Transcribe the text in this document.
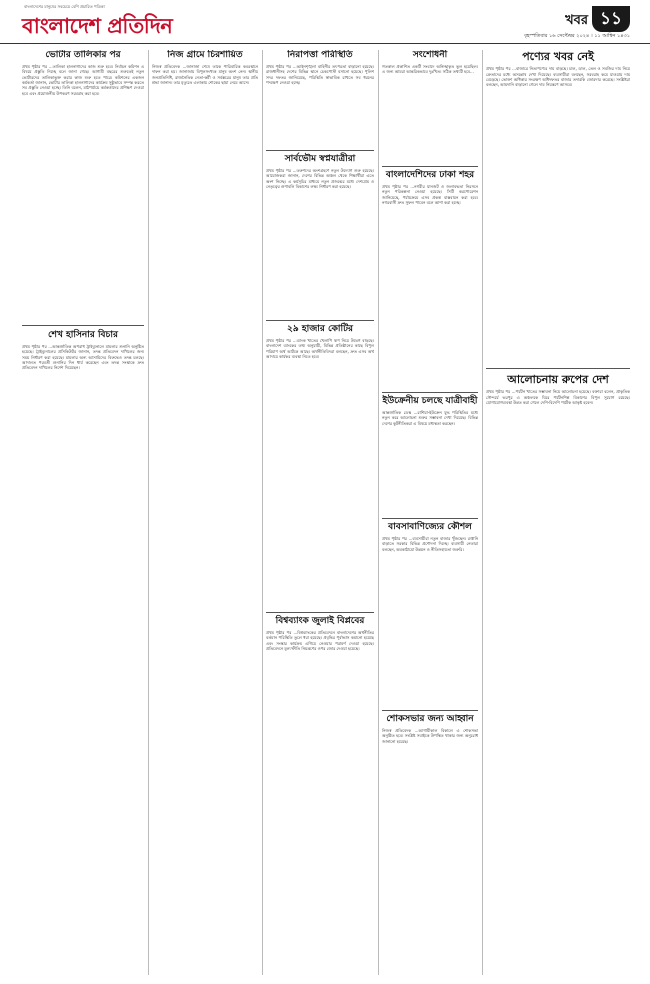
বাংলাদেশের মানুষের সবচেয়ে বেশি প্রচারিত পত্রিকা
বাংলাদেশ প্রতিদিন	খবর ১১
বৃহস্পতিবার ১৬ সেপ্টেম্বর ২০২৪ । ১১ আশ্বিন ১৪৩১
ভোটার তালিকার পর

প্রথম পৃষ্ঠার পর ...তালিকা হালনাগাদের কাজ শুরু হবে। নির্বাচন কমিশন এ বিষয়ে প্রস্তুতি নিচ্ছে বলে জানা গেছে। আগামী বছরের শুরুতেই নতুন ভোটারদের তালিকাভুক্ত করার কাজ শুরু হতে পারে। কমিশনের একজন কর্মকর্তা জানান, ভোটার তালিকা হালনাগাদের কার্যক্রম সুষ্ঠুভাবে সম্পন্ন করতে সব প্রস্তুতি নেওয়া হচ্ছে। তিনি বলেন, মাঠপর্যায়ে কর্মকর্তাদের প্রশিক্ষণ দেওয়া হবে এবং প্রয়োজনীয় উপকরণ সরবরাহ করা হবে।

শেখ হাসিনার বিচার

প্রথম পৃষ্ঠার পর ...আন্তর্জাতিক অপরাধ ট্রাইব্যুনালে মামলার শুনানি অনুষ্ঠিত হয়েছে। ট্রাইব্যুনালের প্রসিকিউটর জানান, তদন্ত প্রতিবেদন দাখিলের জন্য সময় নির্ধারণ করা হয়েছে। মামলার অন্য আসামিদের বিরুদ্ধেও তদন্ত চলছে। আদালত পরবর্তী শুনানির দিন ধার্য করেছেন এবং তদন্ত সংস্থাকে দ্রুত প্রতিবেদন দাখিলের নির্দেশ দিয়েছেন।

নিজ গ্রামে চিরশায়িত

নিজস্ব প্রতিবেদক ...জানাজা শেষে তাকে পারিবারিক কবরস্থানে দাফন করা হয়। জানাজায় বিপুলসংখ্যক মানুষ অংশ নেন। স্থানীয় জনপ্রতিনিধি, রাজনৈতিক নেতা-কর্মী ও সর্বস্তরের মানুষ তার প্রতি শ্রদ্ধা জানান। তার মৃত্যুতে এলাকায় শোকের ছায়া নেমে আসে।

নিরাপত্তা পরিস্থিতি

প্রথম পৃষ্ঠার পর ...আইনশৃঙ্খলা বাহিনীর তৎপরতা বাড়ানো হয়েছে। রাজধানীসহ দেশের বিভিন্ন স্থানে চেকপোস্ট বসানো হয়েছে। পুলিশ সদর দফতর জানিয়েছে, পরিস্থিতি স্বাভাবিক রাখতে সব ধরনের পদক্ষেপ নেওয়া হচ্ছে।

সার্বভৌম স্বপ্নযাত্রীরা

প্রথম পৃষ্ঠার পর ...তরুণদের অংশগ্রহণে নতুন উদ্যোগ শুরু হয়েছে। আয়োজকরা জানান, দেশের বিভিন্ন অঞ্চল থেকে শিক্ষার্থীরা এতে অংশ নিচ্ছে। এ কর্মসূচির মাধ্যমে নতুন প্রজন্মের মধ্যে দেশপ্রেম ও নেতৃত্বের গুণাবলি বিকাশের লক্ষ্য নির্ধারণ করা হয়েছে।

২৯ হাজার কোটির

প্রথম পৃষ্ঠার পর ...ব্যাংক খাতের খেলাপি ঋণ নিয়ে উদ্বেগ বাড়ছে। বাংলাদেশ ব্যাংকের তথ্য অনুযায়ী, বিভিন্ন প্রতিষ্ঠানের কাছে বিপুল পরিমাণ অর্থ আটকে আছে। অর্থনীতিবিদরা বলছেন, দ্রুত এসব অর্থ আদায়ে কার্যকর ব্যবস্থা নিতে হবে।

বিশ্বব্যাংক জুলাই বিপ্লবের

প্রথম পৃষ্ঠার পর ...বিশ্বব্যাংকের প্রতিবেদনে বাংলাদেশের অর্থনীতির বর্তমান পরিস্থিতি তুলে ধরা হয়েছে। প্রবৃদ্ধির পূর্বাভাস কমানো হয়েছে এবং সংস্কার কার্যক্রম এগিয়ে নেওয়ার পরামর্শ দেওয়া হয়েছে। প্রতিবেদনে মূল্যস্ফীতি নিয়ন্ত্রণের ওপর জোর দেওয়া হয়েছে।

সংশোধনী

গতকাল প্রকাশিত একটি সংবাদে অনিচ্ছাকৃত ভুল হয়েছিল। এ জন্য আমরা আন্তরিকভাবে দুঃখিত। সঠিক তথ্যটি হবে...

বাংলাদেশিদের ঢাকা শহর

প্রথম পৃষ্ঠার পর ...নগরীর যানজট ও জলাবদ্ধতা নিরসনে নতুন পরিকল্পনা নেওয়া হয়েছে। সিটি করপোরেশন জানিয়েছে, পর্যায়ক্রমে এসব প্রকল্প বাস্তবায়ন করা হবে। নগরবাসী দ্রুত সুফল পাবেন বলে আশা করা হচ্ছে।

ইউক্রেনীয় চলছে যাত্রীবাহী

আন্তর্জাতিক ডেস্ক ...রাশিয়া-ইউক্রেন যুদ্ধ পরিস্থিতির মধ্যে নতুন করে আলোচনা শুরুর সম্ভাবনা দেখা দিয়েছে। বিভিন্ন দেশের কূটনীতিকরা এ বিষয়ে মধ্যস্থতা করছেন।

বাবসাবাণিজ্যের কৌশল

প্রথম পৃষ্ঠার পর ...ব্যবসায়ীরা নতুন বাজার খুঁজছেন। রপ্তানি বাড়াতে সরকার বিভিন্ন প্রণোদনা দিচ্ছে। ব্যবসায়ী নেতারা বলছেন, অবকাঠামো উন্নয়ন ও নীতিসহায়তা জরুরি।

শোকসভার জন্য আহ্বান

নিজস্ব প্রতিবেদক ...আগামীকাল বিকালে এ শোকসভা অনুষ্ঠিত হবে। সংশ্লিষ্ট সবাইকে উপস্থিত থাকার জন্য অনুরোধ জানানো হয়েছে।

পণ্যের খবর নেই

প্রথম পৃষ্ঠার পর ...বাজারে নিত্যপণ্যের দাম বাড়ছে। চাল, ডাল, তেল ও সবজির দাম নিয়ে ক্রেতাদের মধ্যে অসন্তোষ দেখা দিয়েছে। ব্যবসায়ীরা বলছেন, সরবরাহ কমে যাওয়ায় দাম বেড়েছে। ভোক্তা অধিকার সংরক্ষণ অধিদফতর বাজার তদারকি জোরদার করেছে। সংশ্লিষ্টরা বলছেন, আমদানি বাড়ানো গেলে দাম নিয়ন্ত্রণে আসবে।

আলোচনায় রুপের দেশ

প্রথম পৃষ্ঠার পর ...পর্যটন খাতের সম্ভাবনা নিয়ে আলোচনা হয়েছে। বক্তারা বলেন, প্রাকৃতিক সৌন্দর্যে ভরপুর এ অঞ্চলকে ঘিরে পর্যটনশিল্প বিকাশের বিপুল সুযোগ রয়েছে। যোগাযোগব্যবস্থা উন্নত করা গেলে দেশি-বিদেশি পর্যটক আকৃষ্ট হবেন।
